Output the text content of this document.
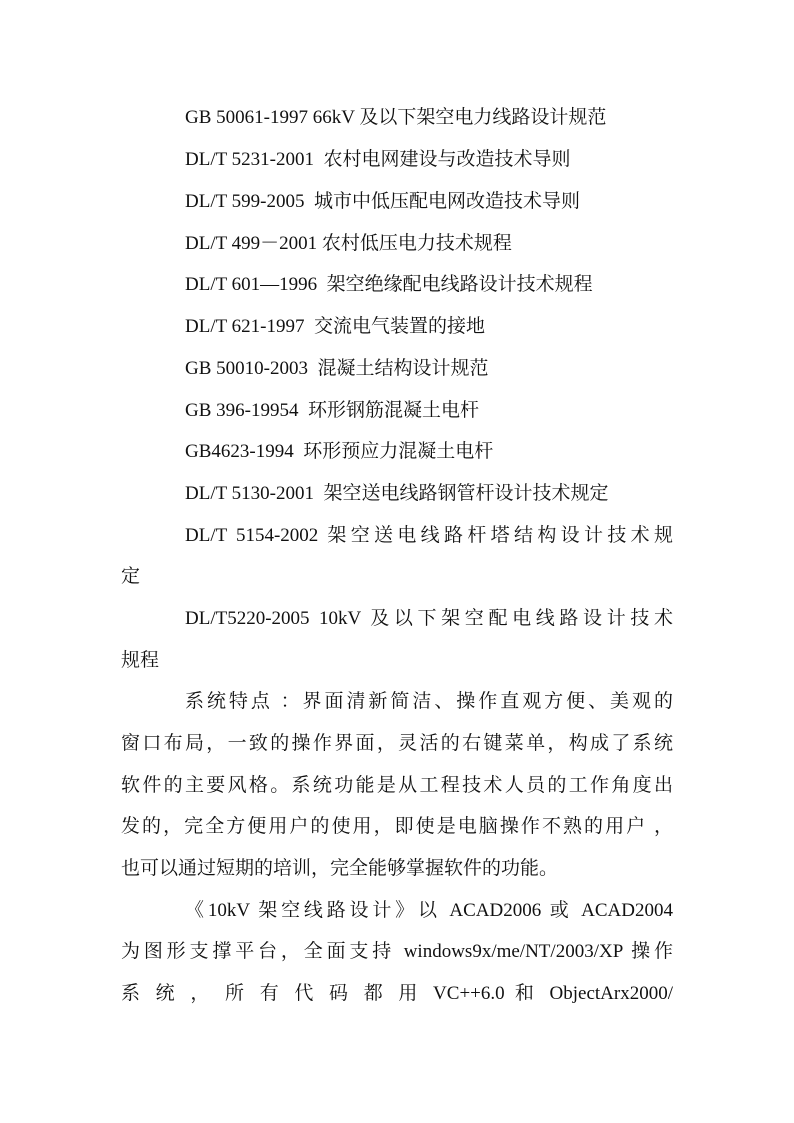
GB 50061-1997 66kV 及以下架空电力线路设计规范
DL/T 5231-2001  农村电网建设与改造技术导则
DL/T 599-2005  城市中低压配电网改造技术导则
DL/T 499－2001 农村低压电力技术规程
DL/T 601—1996  架空绝缘配电线路设计技术规程
DL/T 621-1997  交流电气装置的接地
GB 50010-2003  混凝土结构设计规范
GB 396-19954  环形钢筋混凝土电杆
GB4623-1994  环形预应力混凝土电杆
DL/T 5130-2001  架空送电线路钢管杆设计技术规定
DL/T 5154-2002 架空送电线路杆塔结构设计技术规
定
DL/T5220-2005 10kV 及以下架空配电线路设计技术
规程
系统特点 ：界面清新简洁、操作直观方便、美观的
窗口布局，一致的操作界面，灵活的右键菜单，构成了系统
软件的主要风格。系统功能是从工程技术人员的工作角度出
发的，完全方便用户的使用，即使是电脑操作不熟的用户 ，
也可以通过短期的培训，完全能够掌握软件的功能。
《10kV 架空线路设计》以 ACAD2006 或 ACAD2004
为图形支撑平台，全面支持 windows9x/me/NT/2003/XP 操作
系 统 ， 所 有 代 码 都 用 VC++6.0 和 ObjectArx2000/
